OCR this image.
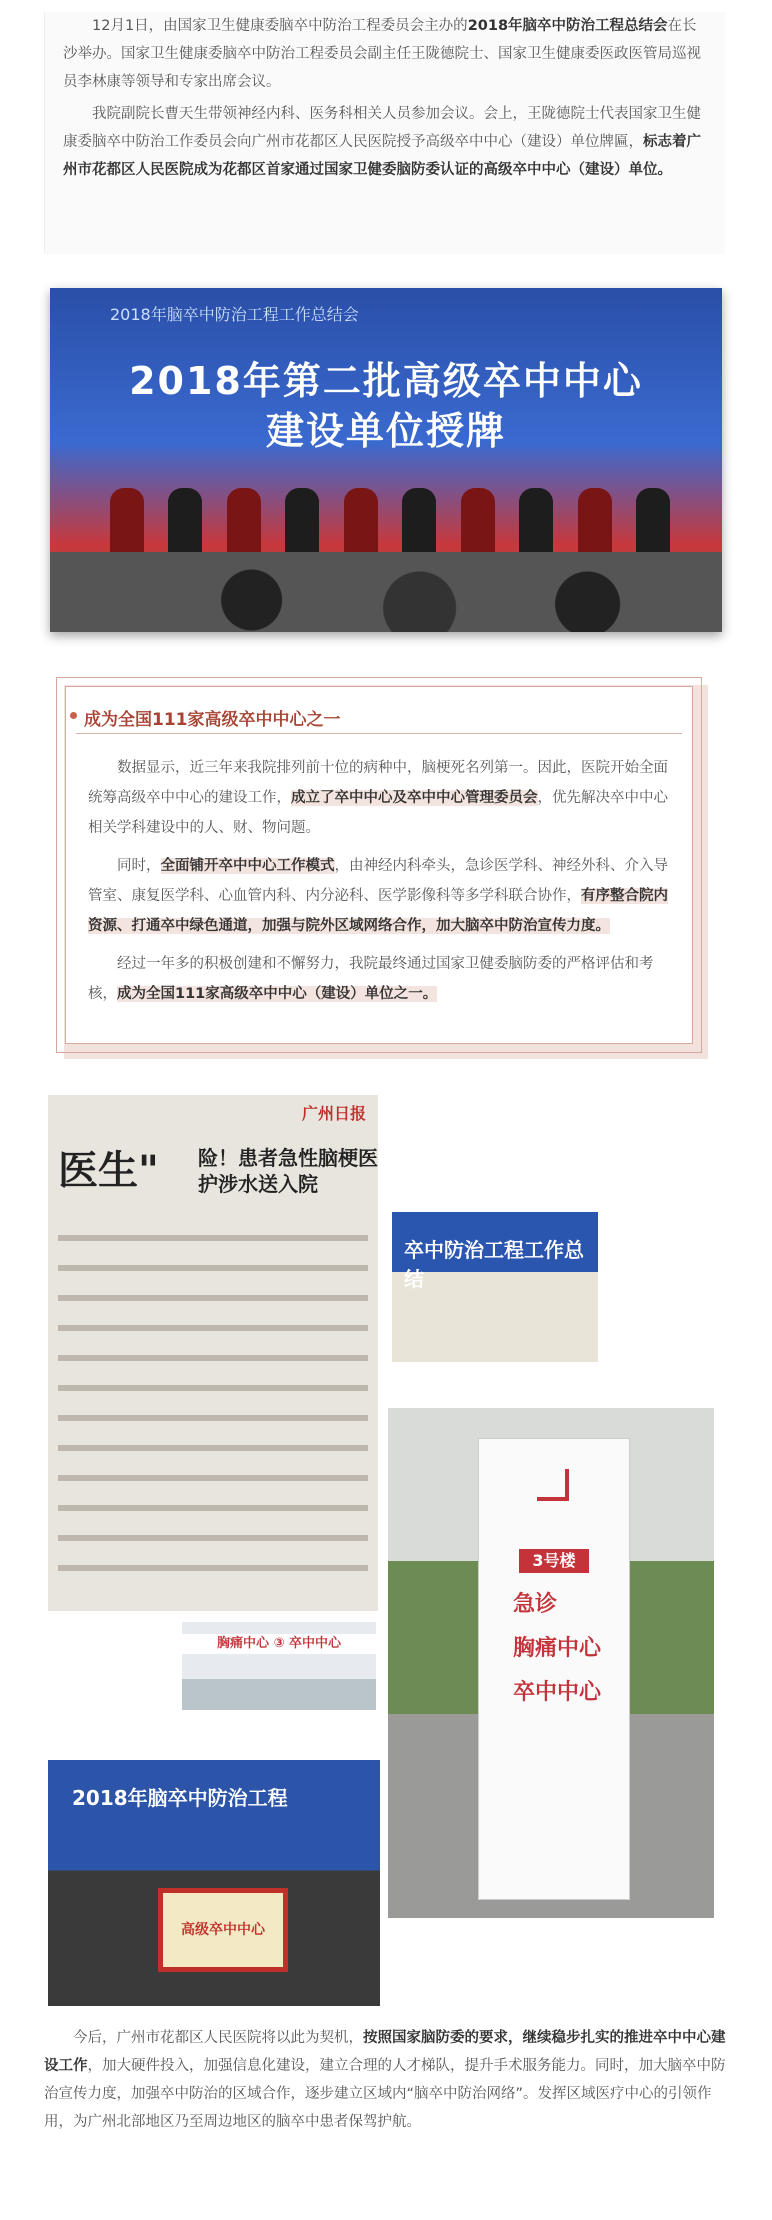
12月1日，由国家卫生健康委脑卒中防治工程委员会主办的2018年脑卒中防治工程总结会在长沙举办。国家卫生健康委脑卒中防治工程委员会副主任王陇德院士、国家卫生健康委医政医管局巡视员李林康等领导和专家出席会议。

我院副院长曹天生带领神经内科、医务科相关人员参加会议。会上，王陇德院士代表国家卫生健康委脑卒中防治工作委员会向广州市花都区人民医院授予高级卒中中心（建设）单位牌匾，标志着广州市花都区人民医院成为花都区首家通过国家卫健委脑防委认证的高级卒中中心（建设）单位。

2018年脑卒中防治工程工作总结会
2018年第二批高级卒中中心
建设单位授牌
成为全国111家高级卒中中心之一

数据显示，近三年来我院排列前十位的病种中，脑梗死名列第一。因此，医院开始全面统筹高级卒中中心的建设工作，成立了卒中中心及卒中中心管理委员会，优先解决卒中中心相关学科建设中的人、财、物问题。

同时，全面铺开卒中中心工作模式，由神经内科牵头，急诊医学科、神经外科、介入导管室、康复医学科、心血管内科、内分泌科、医学影像科等多学科联合协作，有序整合院内资源、打通卒中绿色通道，加强与院外区域网络合作，加大脑卒中防治宣传力度。

经过一年多的积极创建和不懈努力，我院最终通过国家卫健委脑防委的严格评估和考核，成为全国111家高级卒中中心（建设）单位之一。

广州日报
医生" 险！患者急性脑梗医护涉水送入院
卒中防治工程工作总结
3号楼
急诊
胸痛中心
卒中中心
胸痛中心 ③ 卒中中心
2018年脑卒中防治工程
高级卒中中心

今后，广州市花都区人民医院将以此为契机，按照国家脑防委的要求，继续稳步扎实的推进卒中中心建设工作，加大硬件投入，加强信息化建设，建立合理的人才梯队，提升手术服务能力。同时，加大脑卒中防治宣传力度，加强卒中防治的区域合作，逐步建立区域内“脑卒中防治网络”。发挥区域医疗中心的引领作用，为广州北部地区乃至周边地区的脑卒中患者保驾护航。
